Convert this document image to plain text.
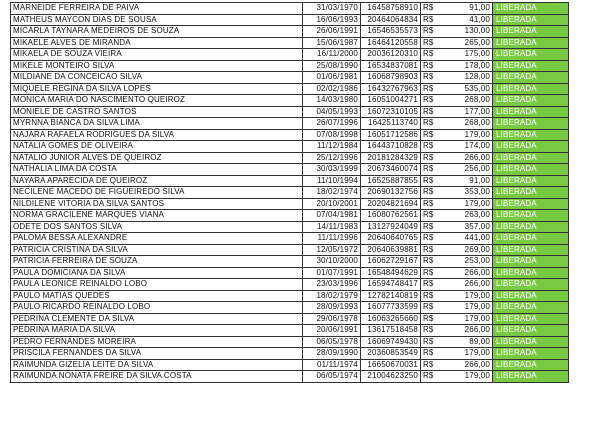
MARNEIDE FERREIRA DE PAIVA	31/03/1970	16458758910	R$	91,00	LIBERADA
MATHEUS MAYCON DIAS DE SOUSA	16/06/1993	20464064834	R$	41,00	LIBERADA
MICARLA TAYNARA MEDEIROS DE SOUZA	26/06/1991	16546535573	R$	130,00	LIBERADA
MIKAELE ALVES DE MIRANDA	15/06/1987	16464120558	R$	265,00	LIBERADA
MIKAELA DE SOUZA VIEIRA	16/11/2000	20036120310	R$	175,00	LIBERADA
MIKELE MONTEIRO SILVA	25/08/1990	16534837081	R$	178,00	LIBERADA
MILDIANE DA CONCEICAO SILVA	01/06/1981	16068798903	R$	128,00	LIBERADA
MIQUELE REGINA DA SILVA LOPES	02/02/1986	16432767963	R$	535,00	LIBERADA
MONICA MARIA DO NASCIMENTO QUEIROZ	14/03/1980	16051004271	R$	268,00	LIBERADA
MONIELE DE CASTRO SANTOS	04/05/1993	16072310105	R$	177,00	LIBERADA
MYRNNA BIANCA DA SILVA LIMA	26/07/1996	16425113740	R$	268,00	LIBERADA
NAJARA RAFAELA RODRIGUES DA SILVA	07/08/1998	16051712586	R$	179,00	LIBERADA
NATALIA GOMES DE OLIVEIRA	11/12/1984	16443710828	R$	174,00	LIBERADA
NATALIO JUNIOR ALVES DE QUEIROZ	25/12/1996	20181284329	R$	266,00	LIBERADA
NATHALIA LIMA DA COSTA	30/03/1999	20673460074	R$	256,00	LIBERADA
NAYARA APARECIDA DE QUEIROZ	11/10/1994	16525887855	R$	91,00	LIBERADA
NECILENE MACEDO DE FIGUEIREDO SILVA	18/02/1974	20690132756	R$	353,00	LIBERADA
NILDILENE VITORIA DA SILVA SANTOS	20/10/2001	20204821694	R$	179,00	LIBERADA
NORMA GRACILENE MARQUES VIANA	07/04/1981	16080762561	R$	263,00	LIBERADA
ODETE DOS SANTOS SILVA	14/11/1983	13127924049	R$	357,00	LIBERADA
PALOMA BESSA ALEXANDRE	11/11/1996	20640640765	R$	441,00	LIBERADA
PATRICIA CRISTINA DA SILVA	12/05/1972	20640639881	R$	269,00	LIBERADA
PATRICIA FERREIRA DE SOUZA	30/10/2000	16062729167	R$	253,00	LIBERADA
PAULA DOMICIANA DA SILVA	01/07/1991	16548494629	R$	266,00	LIBERADA
PAULA LEONICE REINALDO LOBO	23/03/1996	16594748417	R$	266,00	LIBERADA
PAULO MATIAS QUEDES	18/02/1979	12782140819	R$	179,00	LIBERADA
PAULO RICARDO REINALDO LOBO	28/09/1993	16077733599	R$	179,00	LIBERADA
PEDRINA CLEMENTE DA SILVA	29/06/1978	16063265660	R$	179,00	LIBERADA
PEDRINA MARIA DA SILVA	20/06/1991	13617518458	R$	266,00	LIBERADA
PEDRO FERNANDES MOREIRA	06/05/1978	16069749430	R$	89,00	LIBERADA
PRISCILA FERNANDES DA SILVA	28/09/1990	20360853549	R$	179,00	LIBERADA
RAIMUNDA GIZELIA LEITE DA SILVA	01/11/1974	16650670031	R$	266,00	LIBERADA
RAIMUNDA NONATA FREIRE DA SILVA COSTA	06/05/1974	21004623250	R$	179,00	LIBERADA
